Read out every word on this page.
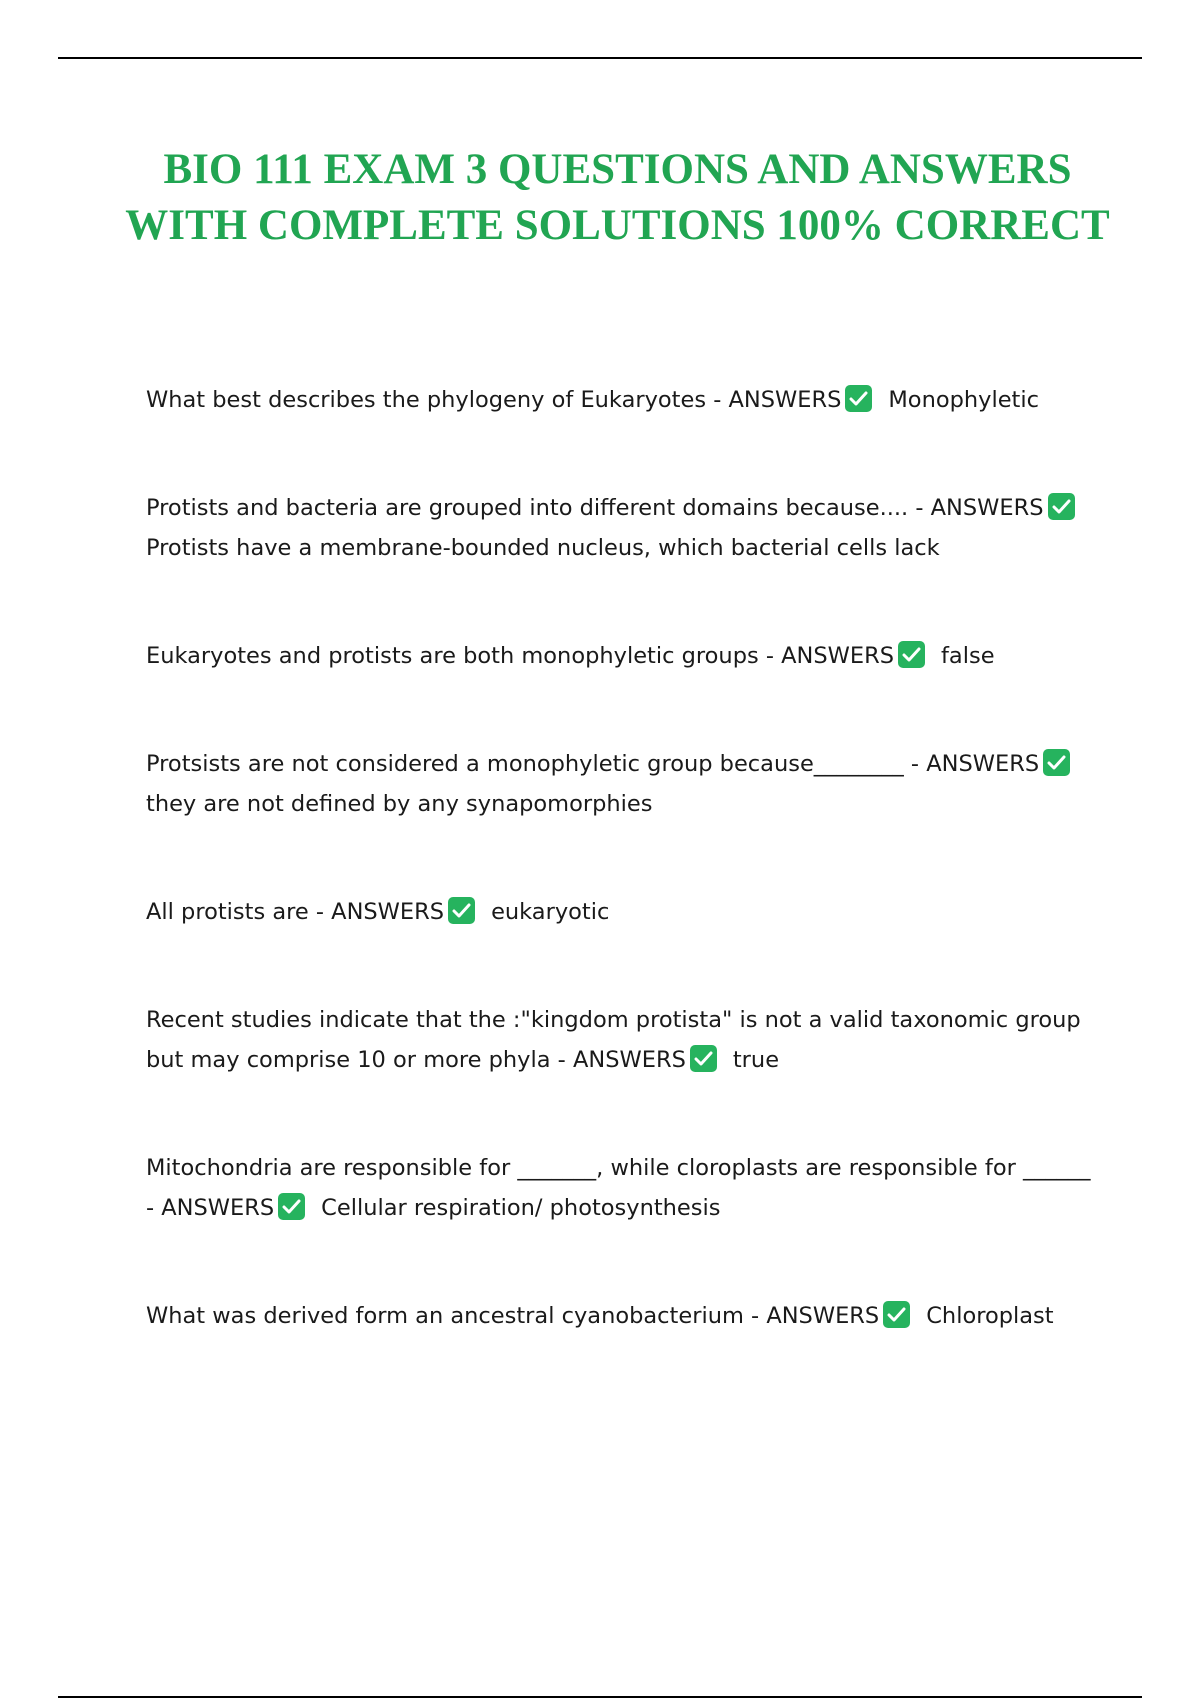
BIO 111 EXAM 3 QUESTIONS AND ANSWERS WITH COMPLETE SOLUTIONS 100% CORRECT

What best describes the phylogeny of Eukaryotes - ANSWERS Monophyletic

Protists and bacteria are grouped into different domains because.... - ANSWERS
Protists have a membrane-bounded nucleus, which bacterial cells lack

Eukaryotes and protists are both monophyletic groups - ANSWERS false

Protsists are not considered a monophyletic group because________ - ANSWERS
they are not defined by any synapomorphies

All protists are - ANSWERS eukaryotic

Recent studies indicate that the :"kingdom protista" is not a valid taxonomic group but may comprise 10 or more phyla - ANSWERS true

Mitochondria are responsible for _______, while cloroplasts are responsible for ______ - ANSWERS Cellular respiration/ photosynthesis

What was derived form an ancestral cyanobacterium - ANSWERS Chloroplast
